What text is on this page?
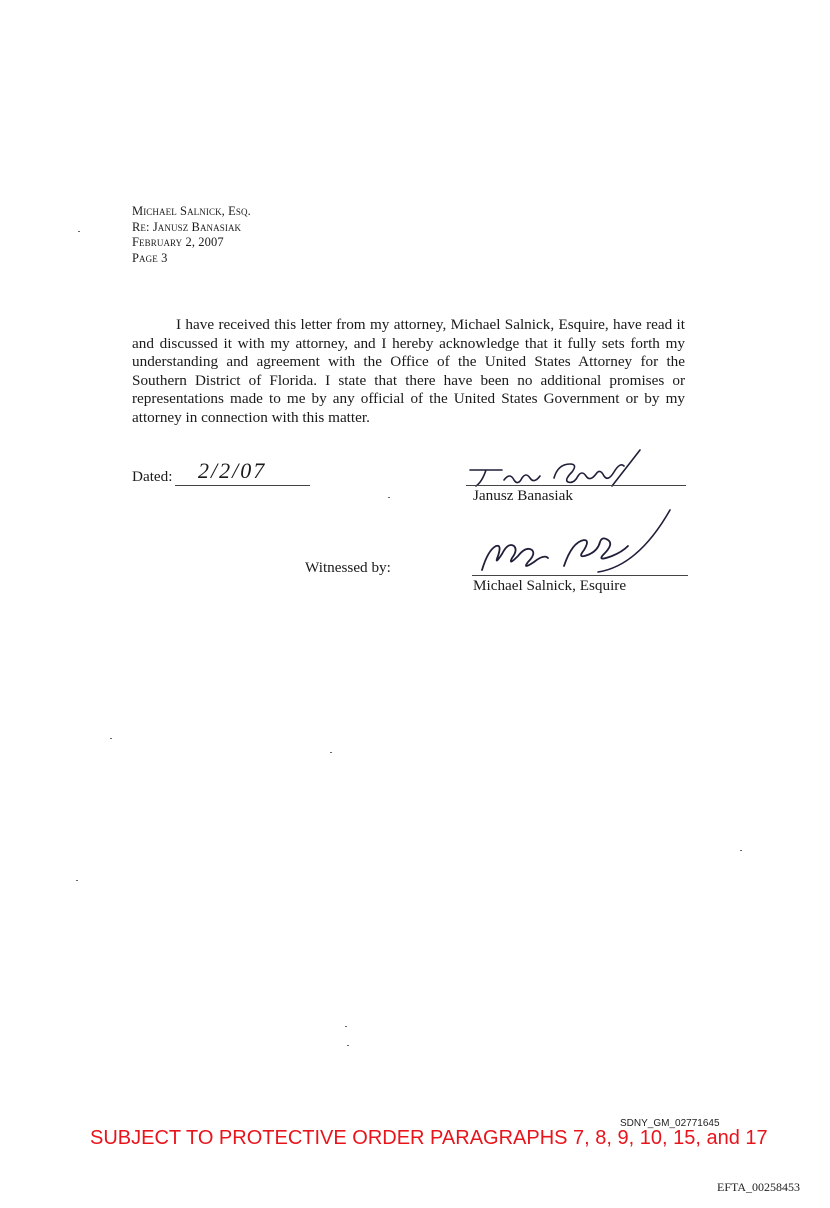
Michael Salnick, Esq.
Re: Janusz Banasiak
February 2, 2007
Page 3
I have received this letter from my attorney, Michael Salnick, Esquire, have read it and discussed it with my attorney, and I hereby acknowledge that it fully sets forth my understanding and agreement with the Office of the United States Attorney for the Southern District of Florida. I state that there have been no additional promises or representations made to me by any official of the United States Government or by my attorney in connection with this matter.
Dated: 2/2/07
Janusz Banasiak
Witnessed by:
Michael Salnick, Esquire
SDNY_GM_02771645
SUBJECT TO PROTECTIVE ORDER PARAGRAPHS 7, 8, 9, 10, 15, and 17
EFTA_00258453
